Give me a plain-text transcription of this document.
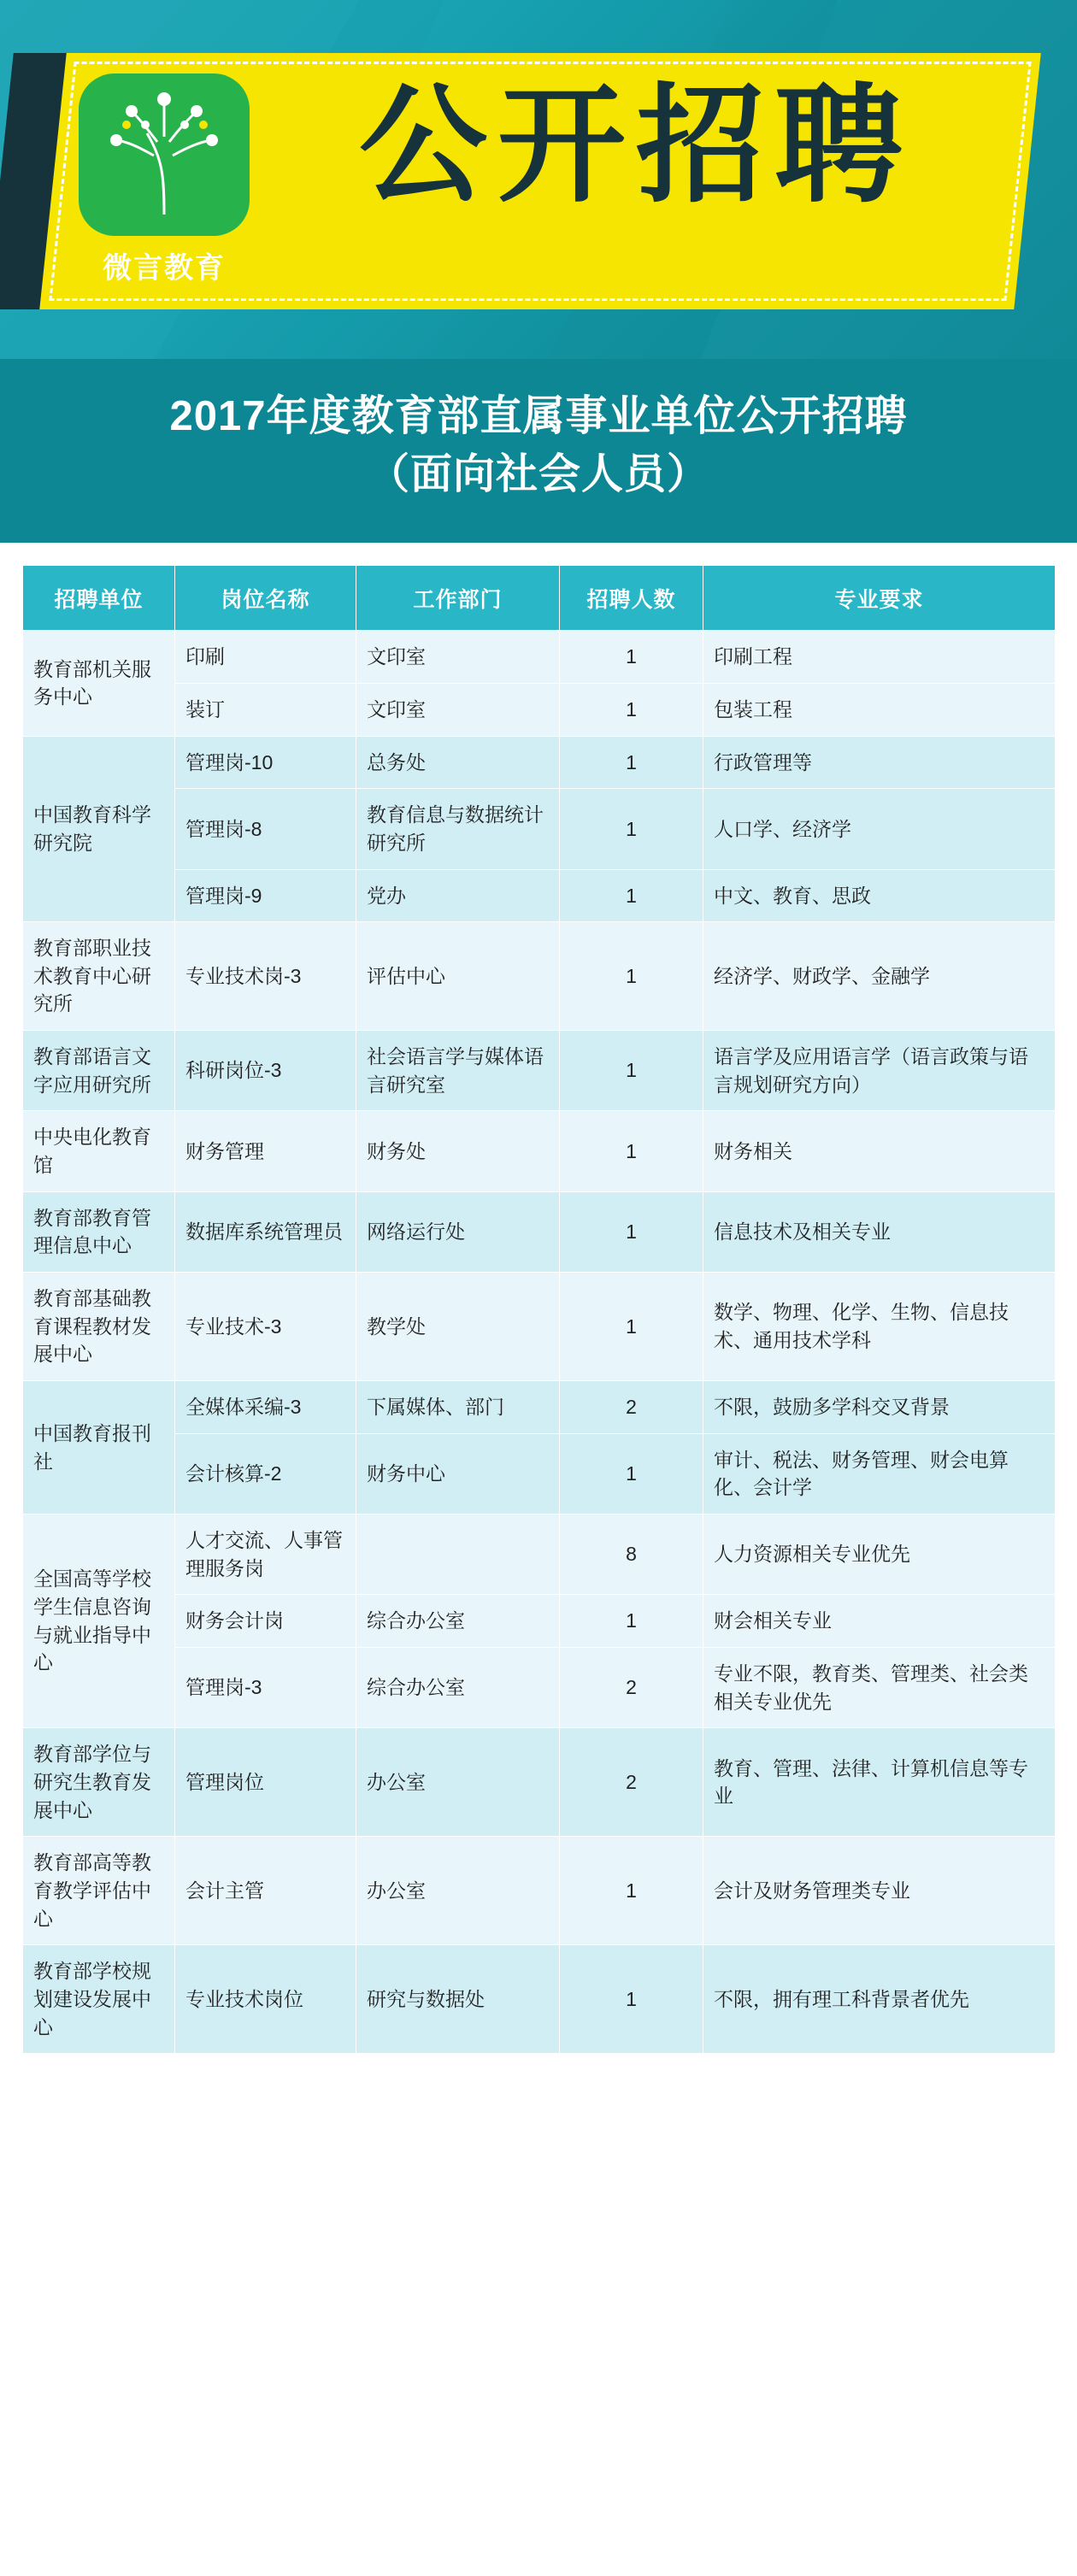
微言教育
公开招聘
2017年度教育部直属事业单位公开招聘
（面向社会人员）
招聘单位	岗位名称	工作部门	招聘人数	专业要求
教育部机关服务中心	印刷	文印室	1	印刷工程
	装订	文印室	1	包装工程
中国教育科学研究院	管理岗-10	总务处	1	行政管理等
	管理岗-8	教育信息与数据统计研究所	1	人口学、经济学
	管理岗-9	党办	1	中文、教育、思政
教育部职业技术教育中心研究所	专业技术岗-3	评估中心	1	经济学、财政学、金融学
教育部语言文字应用研究所	科研岗位-3	社会语言学与媒体语言研究室	1	语言学及应用语言学（语言政策与语言规划研究方向）
中央电化教育馆	财务管理	财务处	1	财务相关
教育部教育管理信息中心	数据库系统管理员	网络运行处	1	信息技术及相关专业
教育部基础教育课程教材发展中心	专业技术-3	教学处	1	数学、物理、化学、生物、信息技术、通用技术学科
中国教育报刊社	全媒体采编-3	下属媒体、部门	2	不限，鼓励多学科交叉背景
	会计核算-2	财务中心	1	审计、税法、财务管理、财会电算化、会计学
全国高等学校学生信息咨询与就业指导中心	人才交流、人事管理服务岗		8	人力资源相关专业优先
	财务会计岗	综合办公室	1	财会相关专业
	管理岗-3	综合办公室	2	专业不限，教育类、管理类、社会类相关专业优先
教育部学位与研究生教育发展中心	管理岗位	办公室	2	教育、管理、法律、计算机信息等专业
教育部高等教育教学评估中心	会计主管	办公室	1	会计及财务管理类专业
教育部学校规划建设发展中心	专业技术岗位	研究与数据处	1	不限，拥有理工科背景者优先
